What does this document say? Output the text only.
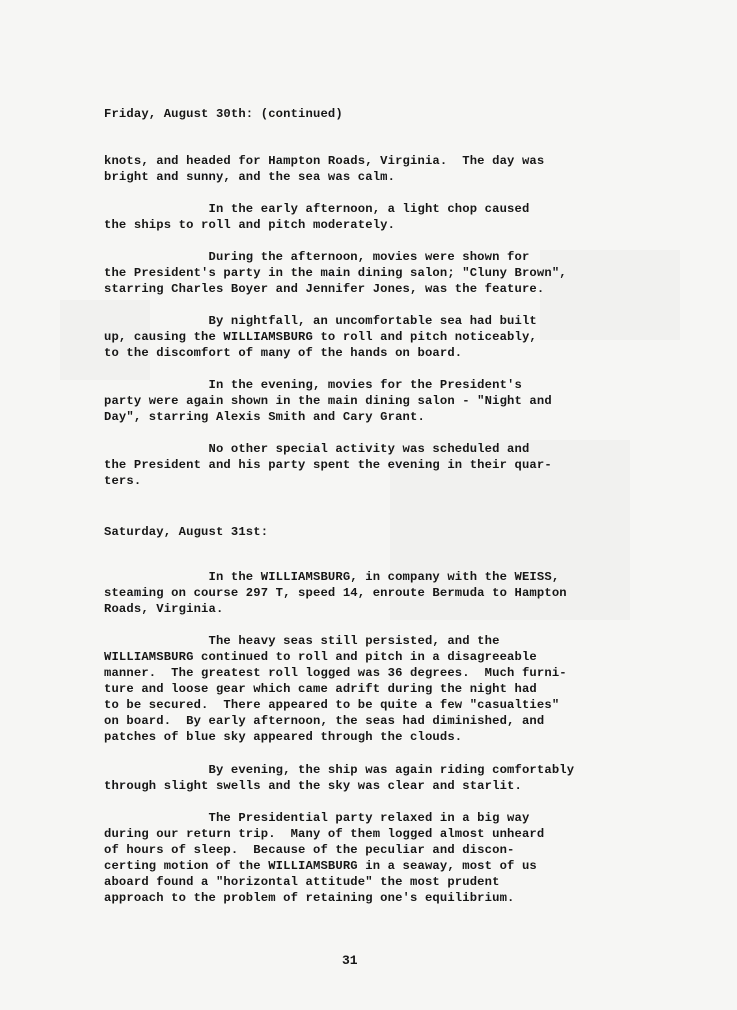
Friday, August 30th: (continued)
knots, and headed for Hampton Roads, Virginia.  The day was
bright and sunny, and the sea was calm.
In the early afternoon, a light chop caused
the ships to roll and pitch moderately.
During the afternoon, movies were shown for
the President's party in the main dining salon; "Cluny Brown",
starring Charles Boyer and Jennifer Jones, was the feature.
By nightfall, an uncomfortable sea had built
up, causing the WILLIAMSBURG to roll and pitch noticeably,
to the discomfort of many of the hands on board.
In the evening, movies for the President's
party were again shown in the main dining salon - "Night and
Day", starring Alexis Smith and Cary Grant.
No other special activity was scheduled and
the President and his party spent the evening in their quar-
ters.
Saturday, August 31st:
In the WILLIAMSBURG, in company with the WEISS,
steaming on course 297 T, speed 14, enroute Bermuda to Hampton
Roads, Virginia.
The heavy seas still persisted, and the
WILLIAMSBURG continued to roll and pitch in a disagreeable
manner.  The greatest roll logged was 36 degrees.  Much furni-
ture and loose gear which came adrift during the night had
to be secured.  There appeared to be quite a few "casualties"
on board.  By early afternoon, the seas had diminished, and
patches of blue sky appeared through the clouds.
By evening, the ship was again riding comfortably
through slight swells and the sky was clear and starlit.
The Presidential party relaxed in a big way
during our return trip.  Many of them logged almost unheard
of hours of sleep.  Because of the peculiar and discon-
certing motion of the WILLIAMSBURG in a seaway, most of us
aboard found a "horizontal attitude" the most prudent
approach to the problem of retaining one's equilibrium.
31
